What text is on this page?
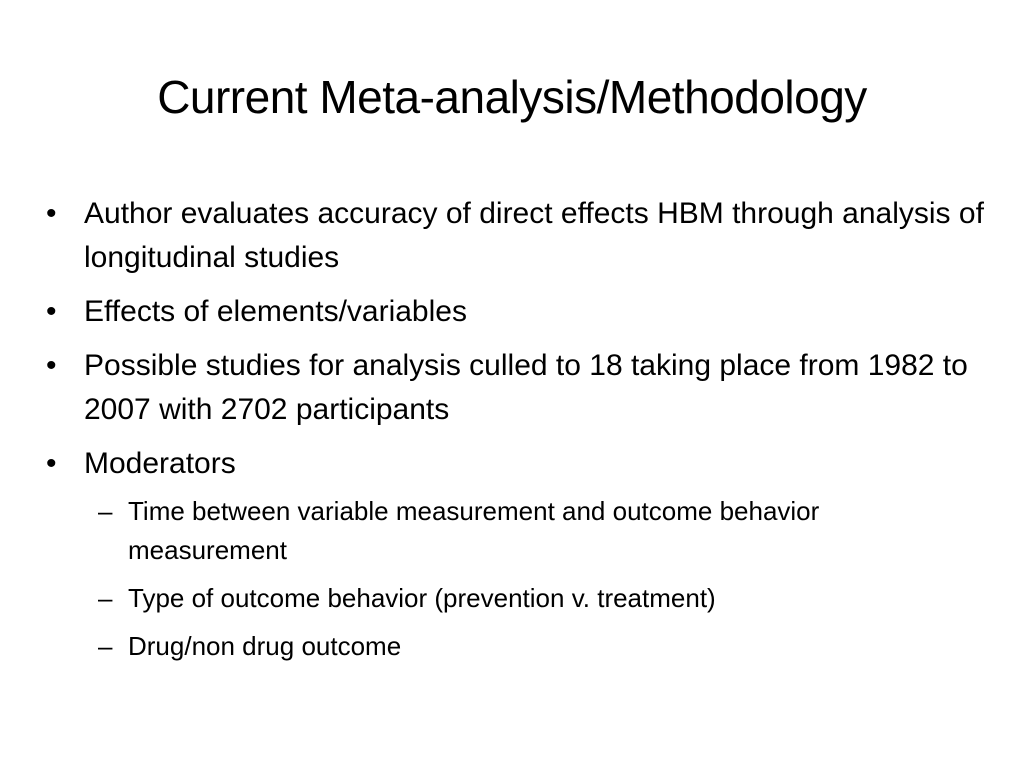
Current Meta-analysis/Methodology
• Author evaluates accuracy of direct effects HBM through analysis of longitudinal studies
• Effects of elements/variables
• Possible studies for analysis culled to 18 taking place from 1982 to 2007 with 2702 participants
• Moderators
– Time between variable measurement and outcome behavior measurement
– Type of outcome behavior (prevention v. treatment)
– Drug/non drug outcome
